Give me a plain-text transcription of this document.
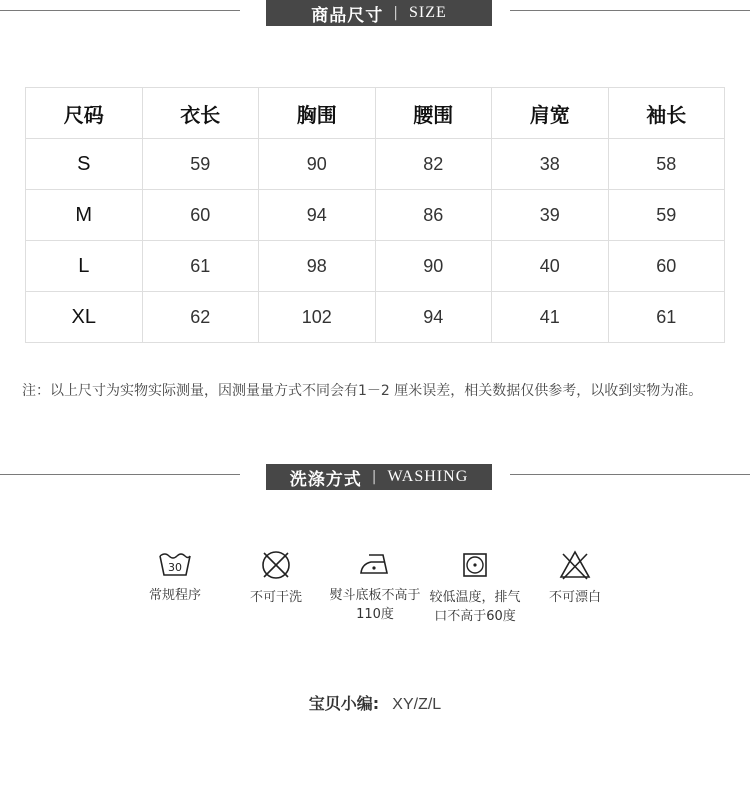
商品尺寸 | SIZE
尺码	衣长	胸围	腰围	肩宽	袖长
S	59	90	82	38	58
M	60	94	86	39	59
L	61	98	90	40	60
XL	62	102	94	41	61
注：以上尺寸为实物实际测量，因测量量方式不同会有1－2 厘米误差，相关数据仅供参考，以收到实物为准。
洗涤方式 | WASHING
30
常规程序	不可干洗	熨斗底板不高于
110度
较低温度，排气
口不高于60度
不可漂白
宝贝小编: XY/Z/L
